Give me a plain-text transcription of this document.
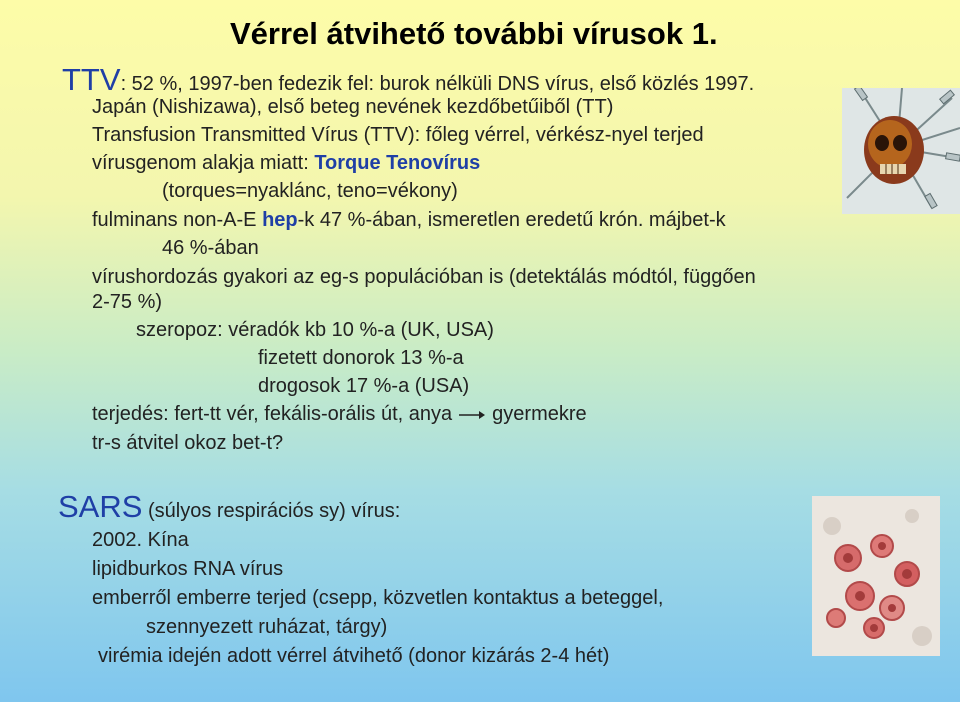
Vérrel átvihető további vírusok 1.
TTV: 52 %, 1997-ben fedezik fel: burok nélküli DNS vírus, első közlés 1997.
Japán (Nishizawa), első beteg nevének kezdőbetűiből (TT)
Transfusion Transmitted Vírus (TTV): főleg vérrel, vérkész-nyel terjed
vírusgenom alakja miatt: Torque Tenovírus
(torques=nyaklánc, teno=vékony)
fulminans non-A-E hep-k 47 %-ában, ismeretlen eredetű krón. májbet-k
46 %-ában
vírushordozás gyakori az eg-s populációban is (detektálás módtól, függően
2-75 %)
szeropoz: véradók kb 10 %-a (UK, USA)
fizetett donorok 13 %-a
drogosok 17 %-a (USA)
terjedés: fert-tt vér, fekális-orális út, anya gyermekre
tr-s átvitel okoz bet-t?
SARS (súlyos respirációs sy) vírus:
2002. Kína
lipidburkos RNA vírus
emberről emberre terjed (csepp, közvetlen kontaktus a beteggel,
szennyezett ruházat, tárgy)
virémia idején adott vérrel átvihető (donor kizárás 2-4 hét)
